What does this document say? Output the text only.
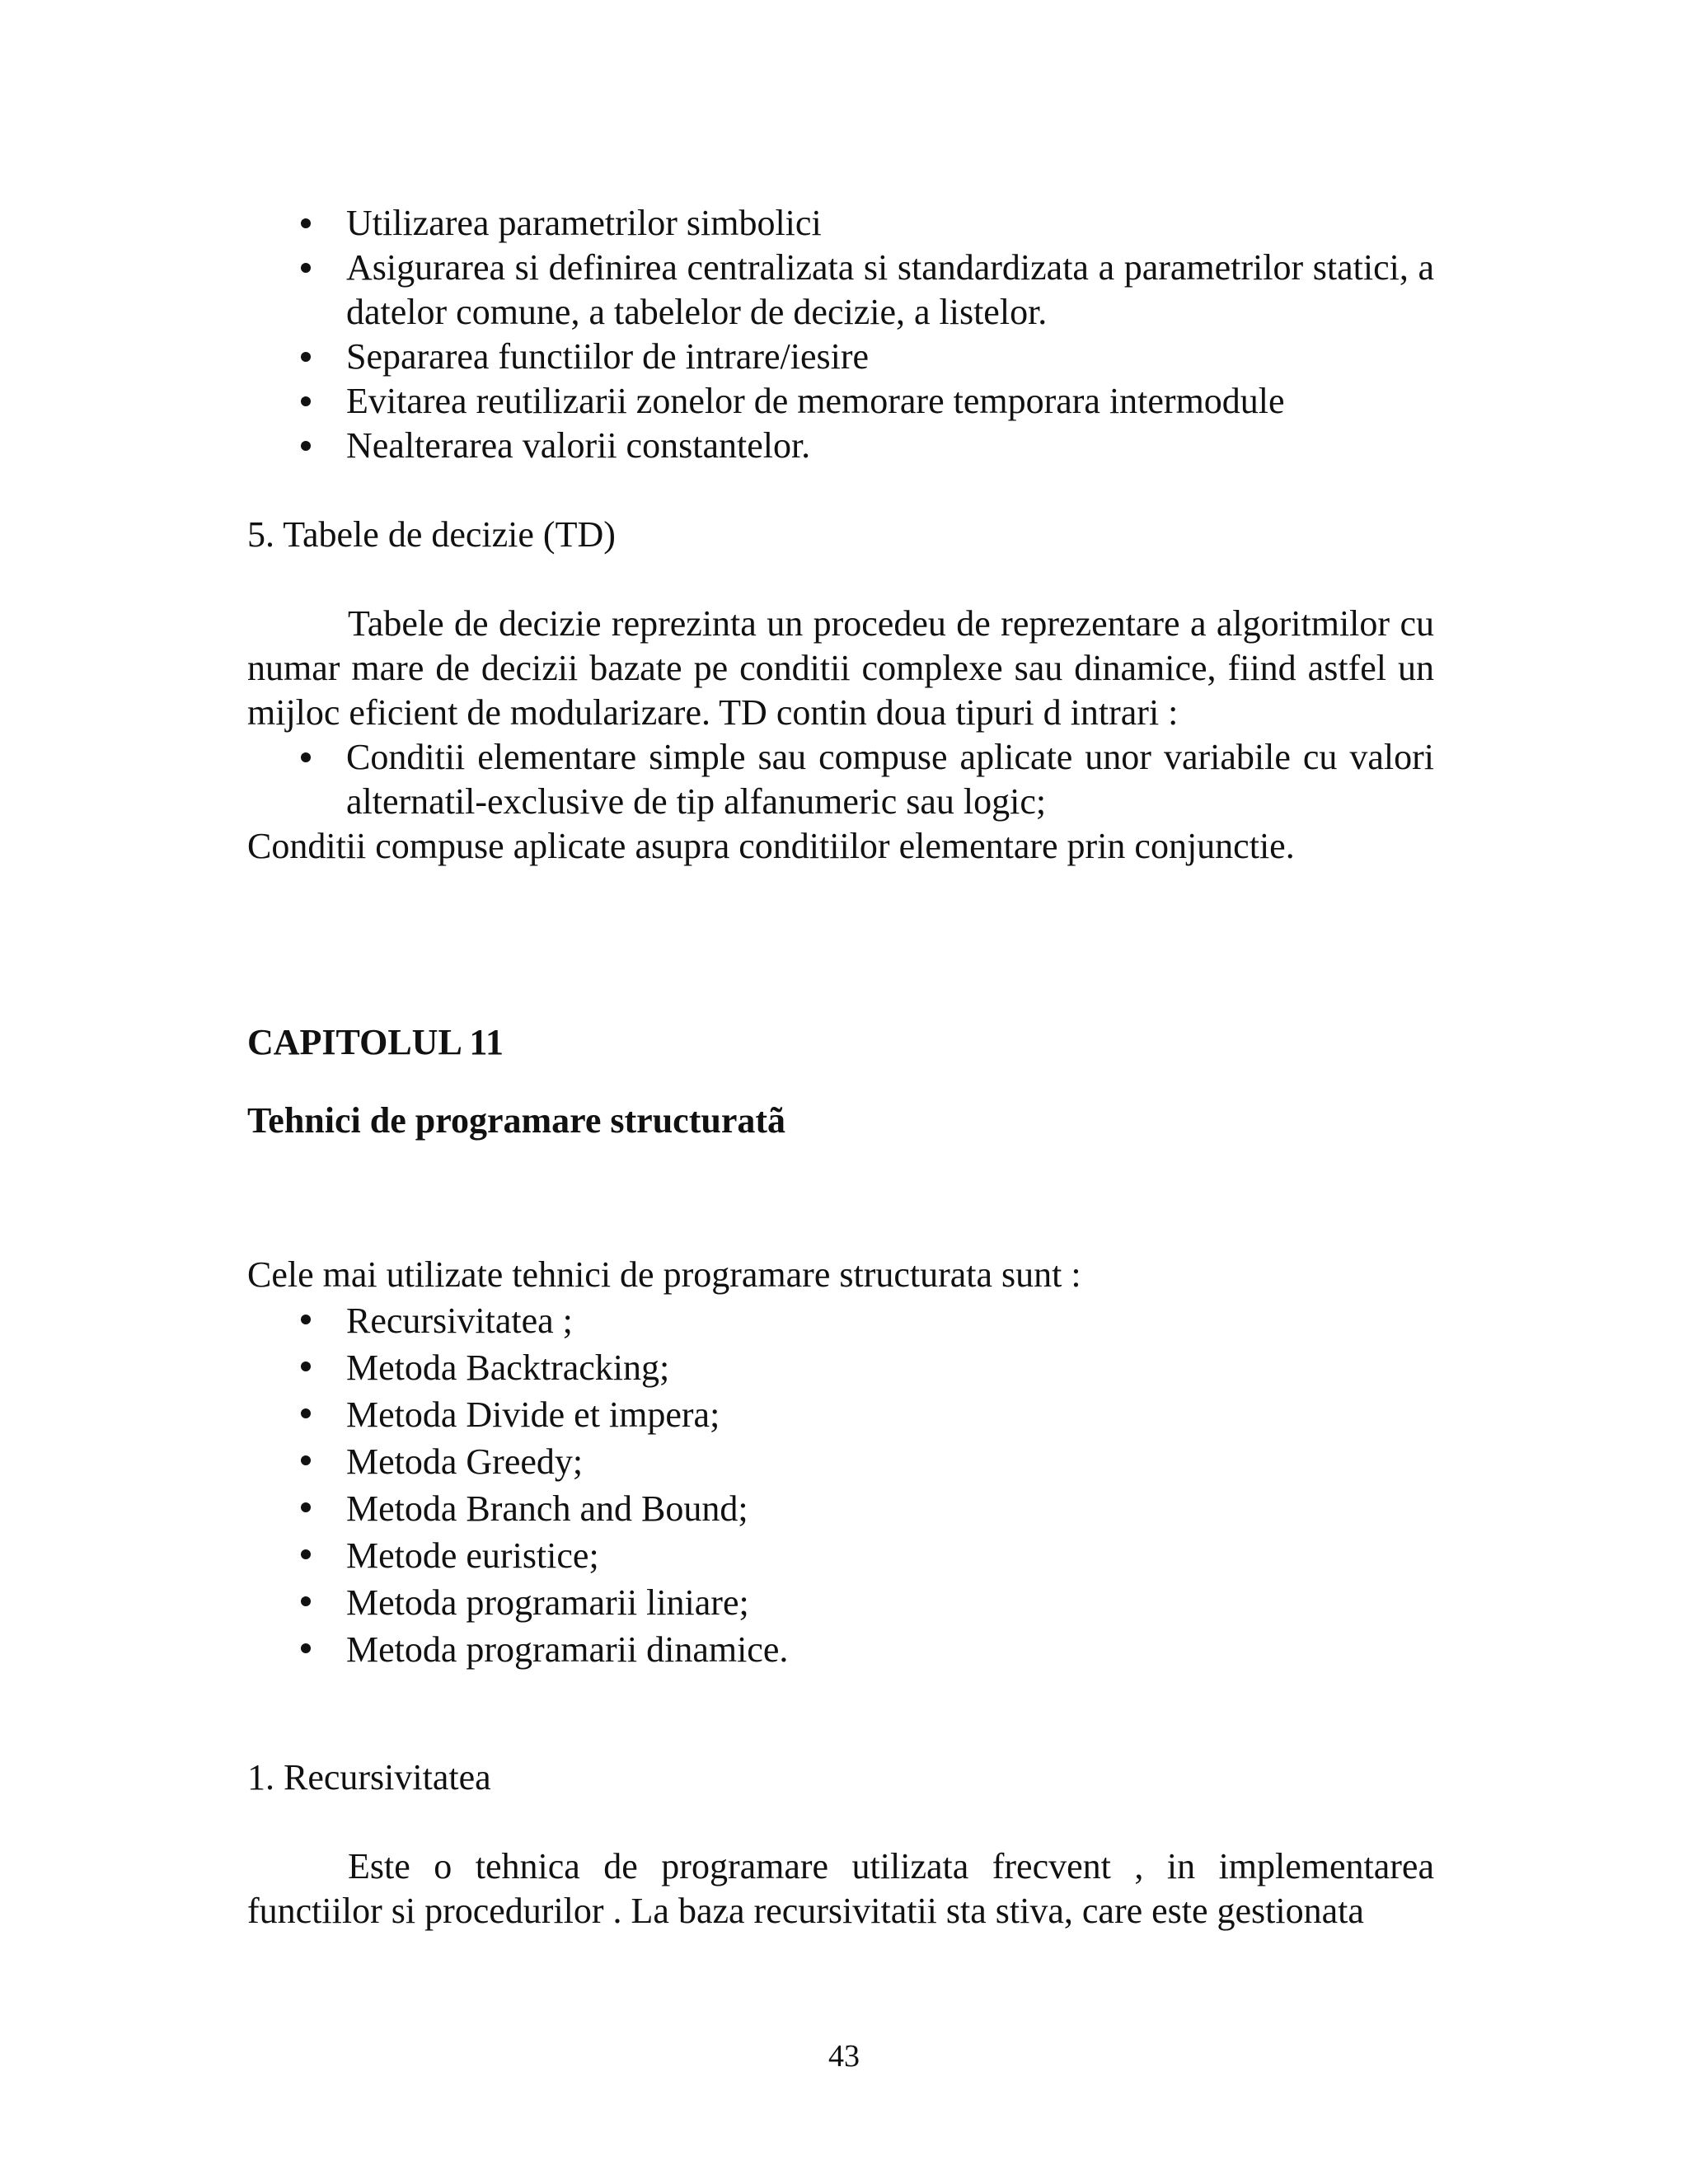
Utilizarea parametrilor simbolici
Asigurarea si definirea centralizata si standardizata a parametrilor statici, a datelor comune, a tabelelor de decizie, a listelor.
Separarea functiilor de intrare/iesire
Evitarea reutilizarii zonelor de memorare temporara intermodule
Nealterarea valorii constantelor.

5. Tabele de decizie (TD)

Tabele de decizie reprezinta un procedeu de reprezentare a algoritmilor cu numar mare de decizii bazate pe conditii complexe sau dinamice, fiind astfel un mijloc eficient de modularizare. TD contin doua tipuri d intrari :

Conditii elementare simple sau compuse aplicate unor variabile cu valori alternatil-exclusive de tip alfanumeric sau logic;

Conditii compuse aplicate asupra conditiilor elementare prin conjunctie.

CAPITOLUL 11

Tehnici de programare structuratã

Cele mai utilizate tehnici de programare structurata sunt :

Recursivitatea ;
Metoda Backtracking;
Metoda Divide et impera;
Metoda Greedy;
Metoda Branch and Bound;
Metode euristice;
Metoda programarii liniare;
Metoda programarii dinamice.

1. Recursivitatea

Este o tehnica de programare utilizata frecvent , in implementarea functiilor si procedurilor . La baza recursivitatii sta stiva, care este gestionata

43
